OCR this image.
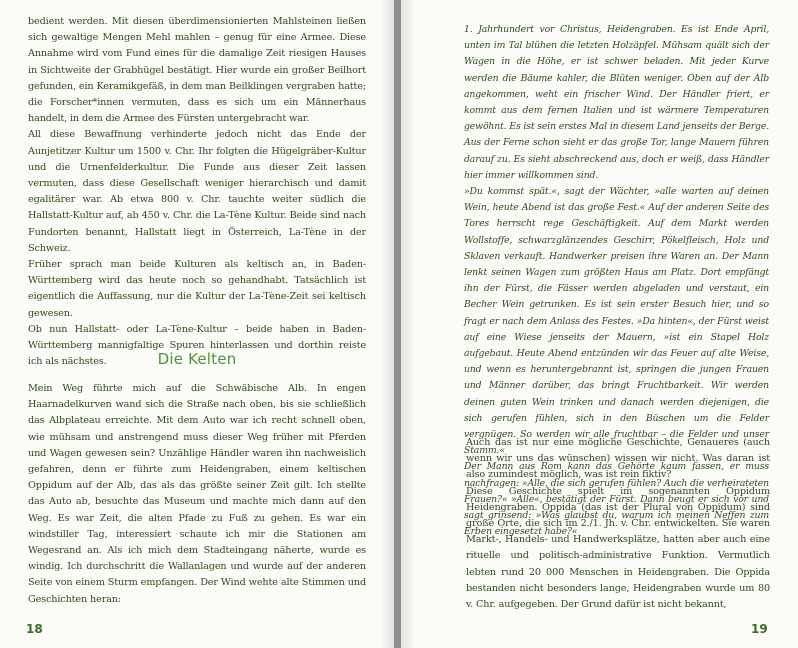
bedient werden. Mit diesen überdimensionierten Mahlsteinen ließen sich gewaltige Mengen Mehl mahlen – genug für eine Armee. Diese Annahme wird vom Fund eines für die damalige Zeit riesigen Hauses in Sichtweite der Grabhügel bestätigt. Hier wurde ein großer Beilhort gefunden, ein Keramikgefäß, in dem man Beilklingen vergraben hatte; die Forscher*innen vermuten, dass es sich um ein Männerhaus handelt, in dem die Armee des Fürsten untergebracht war.

All diese Bewaffnung verhinderte jedoch nicht das Ende der Aunjetitzer Kultur um 1500 v. Chr. Ihr folgten die Hügelgräber-Kultur und die Urnenfelderkultur. Die Funde aus dieser Zeit lassen vermuten, dass diese Gesellschaft weniger hierarchisch und damit egalitärer war. Ab etwa 800 v. Chr. tauchte weiter südlich die Hallstatt-Kultur auf, ab 450 v. Chr. die La-Tène Kultur. Beide sind nach Fundorten benannt, Hallstatt liegt in Österreich, La-Tène in der Schweiz.

Früher sprach man beide Kulturen als keltisch an, in Baden-Württemberg wird das heute noch so gehandhabt. Tatsächlich ist eigentlich die Auffassung, nur die Kultur der La-Tène-Zeit sei keltisch gewesen.

Ob nun Hallstatt- oder La-Tène-Kultur – beide haben in Baden-Württemberg mannigfaltige Spuren hinterlassen und dorthin reiste ich als nächstes.	Die Kelten

Mein Weg führte mich auf die Schwäbische Alb. In engen Haarnadelkurven wand sich die Straße nach oben, bis sie schließlich das Albplateau erreichte. Mit dem Auto war ich recht schnell oben, wie mühsam und anstrengend muss dieser Weg früher mit Pferden und Wagen gewesen sein? Unzählige Händler waren ihn nachweislich gefahren, denn er führte zum Heidengraben, einem keltischen Oppidum auf der Alb, das als das größte seiner Zeit gilt. Ich stellte das Auto ab, besuchte das Museum und machte mich dann auf den Weg. Es war Zeit, die alten Pfade zu Fuß zu gehen. Es war ein windstiller Tag, interessiert schaute ich mir die Stationen am Wegesrand an. Als ich mich dem Stadteingang näherte, wurde es windig. Ich durchschritt die Wallanlagen und wurde auf der anderen Seite von einem Sturm empfangen. Der Wind wehte alte Stimmen und Geschichten heran:

18

1. Jahrhundert vor Christus, Heidengraben. Es ist Ende April, unten im Tal blühen die letzten Holzäpfel. Mühsam quält sich der Wagen in die Höhe, er ist schwer beladen. Mit jeder Kurve werden die Bäume kahler, die Blüten weniger. Oben auf der Alb angekommen, weht ein frischer Wind. Der Händler friert, er kommt aus dem fernen Italien und ist wärmere Temperaturen gewöhnt. Es ist sein erstes Mal in diesem Land jenseits der Berge. Aus der Ferne schon sieht er das große Tor, lange Mauern führen darauf zu. Es sieht abschreckend aus, doch er weiß, dass Händler hier immer willkommen sind.

»Du kommst spät.«, sagt der Wächter, »alle warten auf deinen Wein, heute Abend ist das große Fest.« Auf der anderen Seite des Tores herrscht rege Geschäftigkeit. Auf dem Markt werden Wollstoffe, schwarzglänzendes Geschirr, Pökelfleisch, Holz und Sklaven verkauft. Handwerker preisen ihre Waren an. Der Mann lenkt seinen Wagen zum größten Haus am Platz. Dort empfängt ihn der Fürst, die Fässer werden abgeladen und verstaut, ein Becher Wein getrunken. Es ist sein erster Besuch hier, und so fragt er nach dem Anlass des Festes. »Da hinten«, der Fürst weist auf eine Wiese jenseits der Mauern, »ist ein Stapel Holz aufgebaut. Heute Abend entzünden wir das Feuer auf alte Weise, und wenn es heruntergebrannt ist, springen die jungen Frauen und Männer darüber, das bringt Fruchtbarkeit. Wir werden deinen guten Wein trinken und danach werden diejenigen, die sich gerufen fühlen, sich in den Büschen um die Felder vergnügen. So werden wir alle fruchtbar – die Felder und unser Stamm.«

Der Mann aus Rom kann das Gehörte kaum fassen, er muss nachfragen: »Alle, die sich gerufen fühlen? Auch die verheirateten Frauen?« »Alle«, bestätigt der Fürst. Dann beugt er sich vor und sagt grinsend: »Was glaubst du, warum ich meinen Neffen zum Erben eingesetzt habe?«

Auch das ist nur eine mögliche Geschichte, Genaueres (auch wenn wir uns das wünschen) wissen wir nicht. Was daran ist also zumindest möglich, was ist rein fiktiv?

Diese Geschichte spielt im sogenannten Oppidum Heidengraben. Oppida (das ist der Plural von Oppidum) sind große Orte, die sich im 2./1. Jh. v. Chr. entwickelten. Sie waren Markt-, Handels- und Handwerksplätze, hatten aber auch eine rituelle und politisch-administrative Funktion. Vermutlich lebten rund 20 000 Menschen in Heidengraben. Die Oppida bestanden nicht besonders lange, Heidengraben wurde um 80 v. Chr. aufgegeben. Der Grund dafür ist nicht bekannt,

19
